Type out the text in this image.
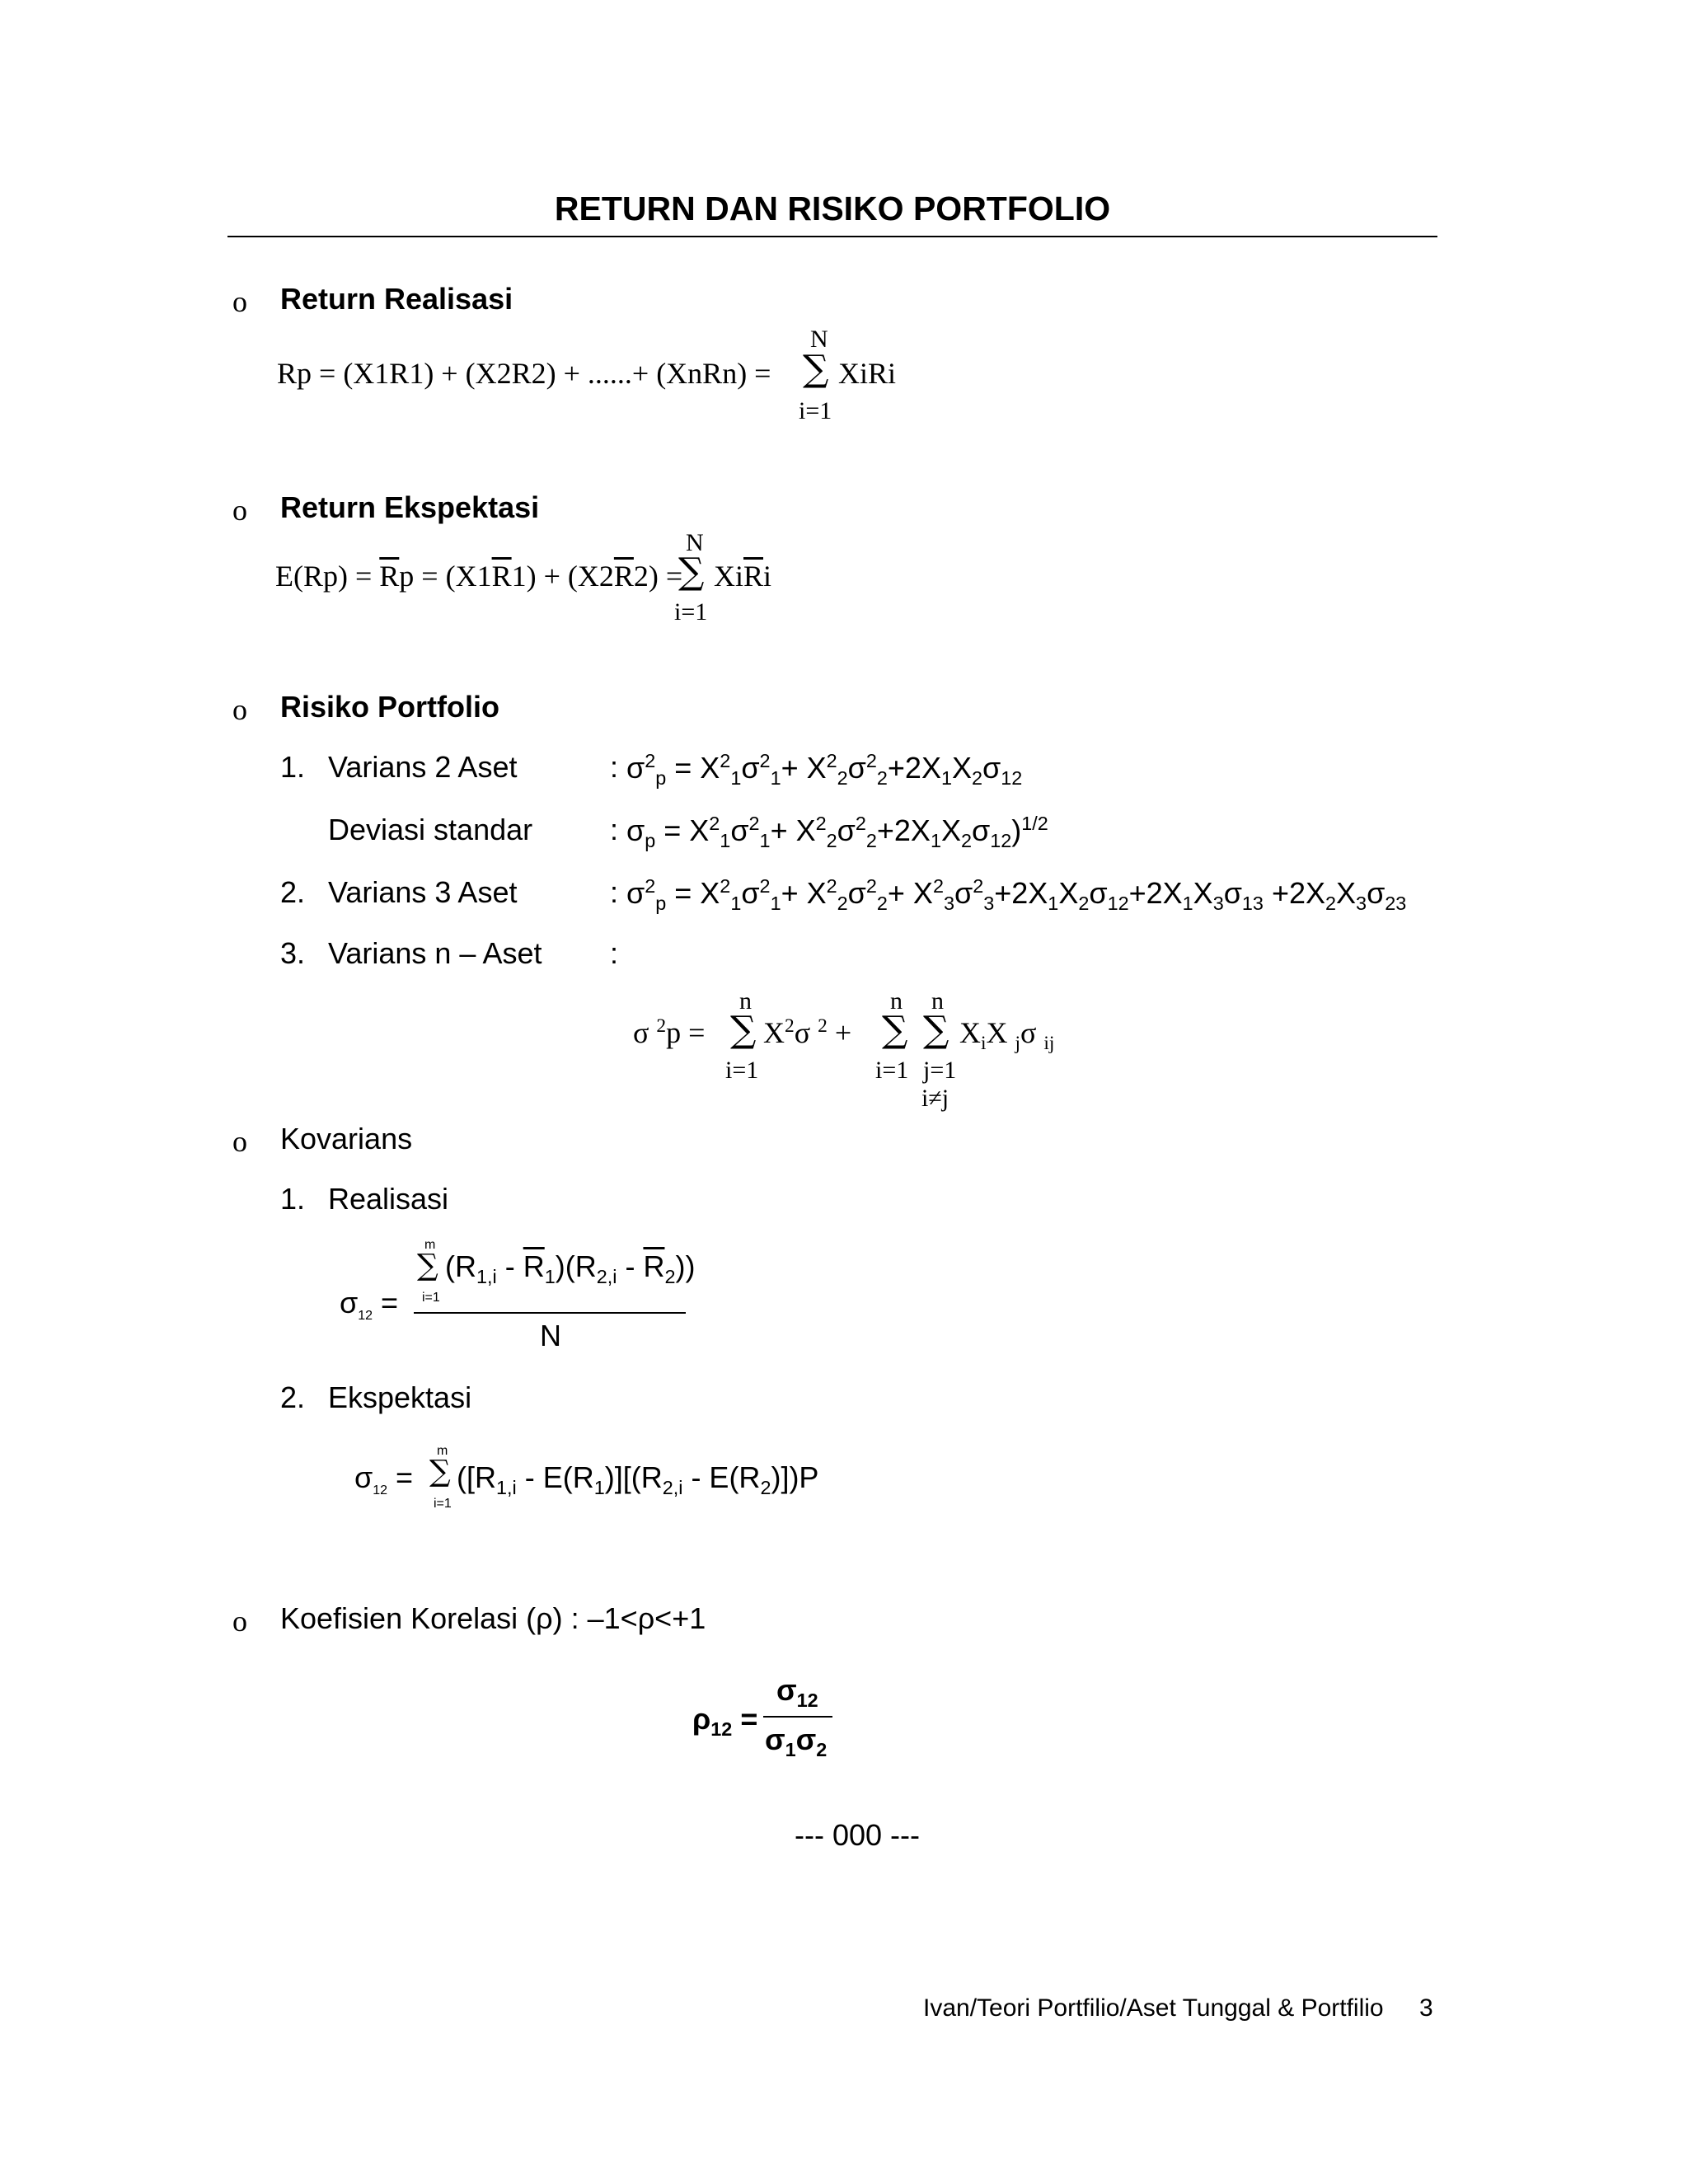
RETURN DAN RISIKO PORTFOLIO
o Return Realisasi
Rp = (X1R1) + (X2R2) + ......+ (XnRn) =
N
∑
i=1
XiRi
o Return Ekspektasi
$E(Rp) = \overline{R}p = (X1\overline{R}1) + (X2\overline{R}2)$ =
N
∑
i=1
$Xi\overline{R}i$
o Risiko Portfolio
1. Varians 2 Aset	: $\sigma^2_p = X^2_1\sigma^2_1+ X^2_2\sigma^2_2+2X_1X_2\sigma_{12}$
Deviasi standar	: $\sigma_p = X^2_1\sigma^2_1+ X^2_2\sigma^2_2+2X_1X_2\sigma_{12})^{1/2}$
2. Varians 3 Aset	: $\sigma^2_p = X^2_1\sigma^2_1+ X^2_2\sigma^2_2+ X^2_3\sigma^2_3+2X_1X_2\sigma_{12}+2X_1X_3\sigma_{13} +2X_2X_3\sigma_{23}$
3. Varians n – Aset :
σ $^2$p =
n
∑
i=1
$X^2\sigma$ $^2$ +
n
∑
i=1
n
∑
j=1
i≠j
$X_iX$ $_j$σ $_{ij}$
o Kovarians
1. Realisasi
$\sigma_{12}$ =
m
∑
i=1
$(R_{1,i} - \overline{R}_1)(R_{2,i} - \overline{R}_2)$)
N
2. Ekspektasi
$\sigma_{12}$ =
m
∑
i=1
($[R_{1,i} - E(R_1)][(R_{2,i} - E(R_2)])P$
o Koefisien Korelasi (ρ) : –1<ρ<+1
$\rho_{12}$ =
$\sigma_{12}$
$\sigma_1\sigma_2$
--- 000 ---
Ivan/Teori Portfilio/Aset Tunggal & Portfilio 3
